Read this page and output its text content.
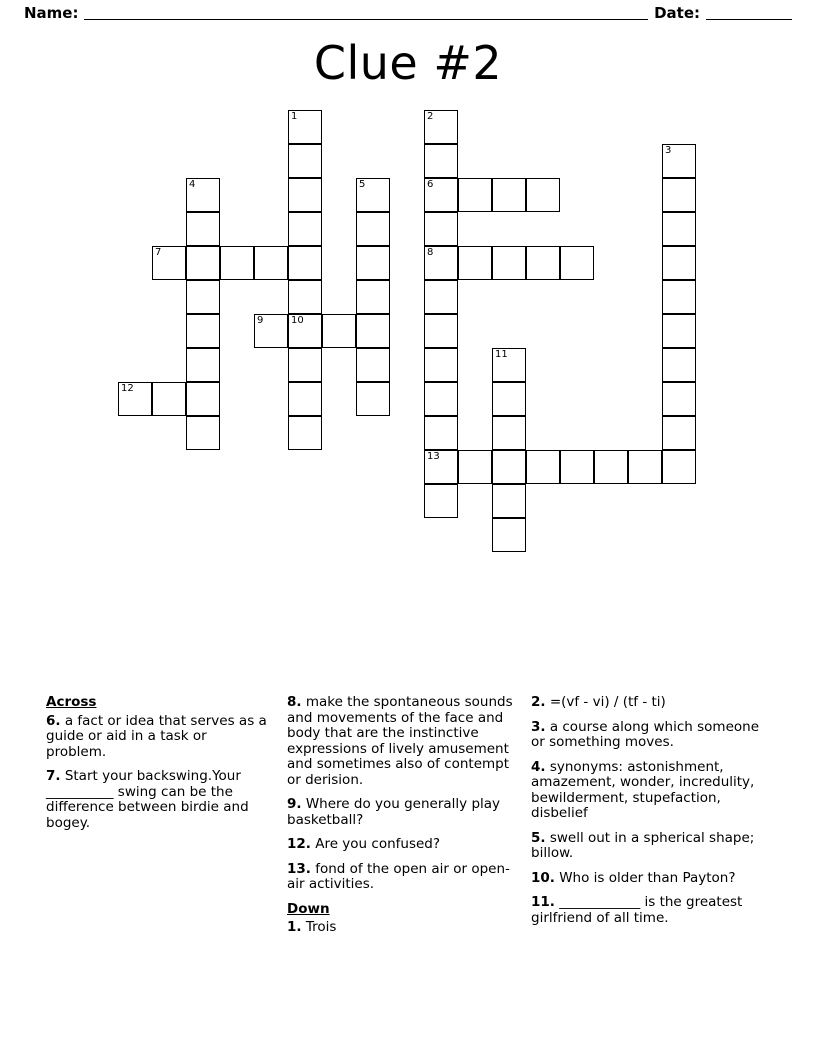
Name:	Date:
Clue #2
1	2
6
8
13
3
4	5
7
9	10
11
12
Across
6. a fact or idea that serves as a guide or aid in a task or problem.
7. Start your backswing.Your __________ swing can be the difference between birdie and bogey.
8. make the spontaneous sounds and movements of the face and body that are the instinctive expressions of lively amusement and sometimes also of contempt or derision.
9. Where do you generally play basketball?
12. Are you confused?
13. fond of the open air or open-air activities.
Down
1. Trois
2. =(vf - vi) / (tf - ti)
3. a course along which someone or something moves.
4. synonyms: astonishment, amazement, wonder, incredulity, bewilderment, stupefaction, disbelief
5. swell out in a spherical shape; billow.
10. Who is older than Payton?
11. ____________ is the greatest girlfriend of all time.
